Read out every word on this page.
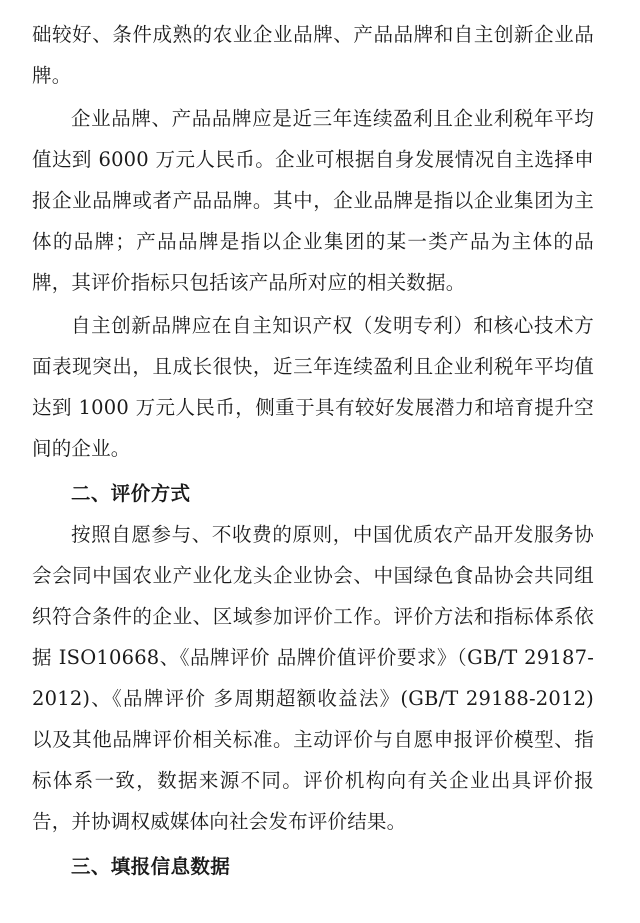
础较好、条件成熟的农业企业品牌、产品品牌和自主创新企业品牌。

企业品牌、产品品牌应是近三年连续盈利且企业利税年平均值达到 6000 万元人民币。企业可根据自身发展情况自主选择申报企业品牌或者产品品牌。其中，企业品牌是指以企业集团为主体的品牌；产品品牌是指以企业集团的某一类产品为主体的品牌，其评价指标只包括该产品所对应的相关数据。

自主创新品牌应在自主知识产权（发明专利）和核心技术方面表现突出，且成长很快，近三年连续盈利且企业利税年平均值达到 1000 万元人民币，侧重于具有较好发展潜力和培育提升空间的企业。

二、评价方式

按照自愿参与、不收费的原则，中国优质农产品开发服务协会会同中国农业产业化龙头企业协会、中国绿色食品协会共同组织符合条件的企业、区域参加评价工作。评价方法和指标体系依据 ISO10668、《品牌评价 品牌价值评价要求》（GB/T 29187-2012)、《品牌评价 多周期超额收益法》(GB/T 29188-2012) 以及其他品牌评价相关标准。主动评价与自愿申报评价模型、指标体系一致，数据来源不同。评价机构向有关企业出具评价报告，并协调权威媒体向社会发布评价结果。

三、填报信息数据
